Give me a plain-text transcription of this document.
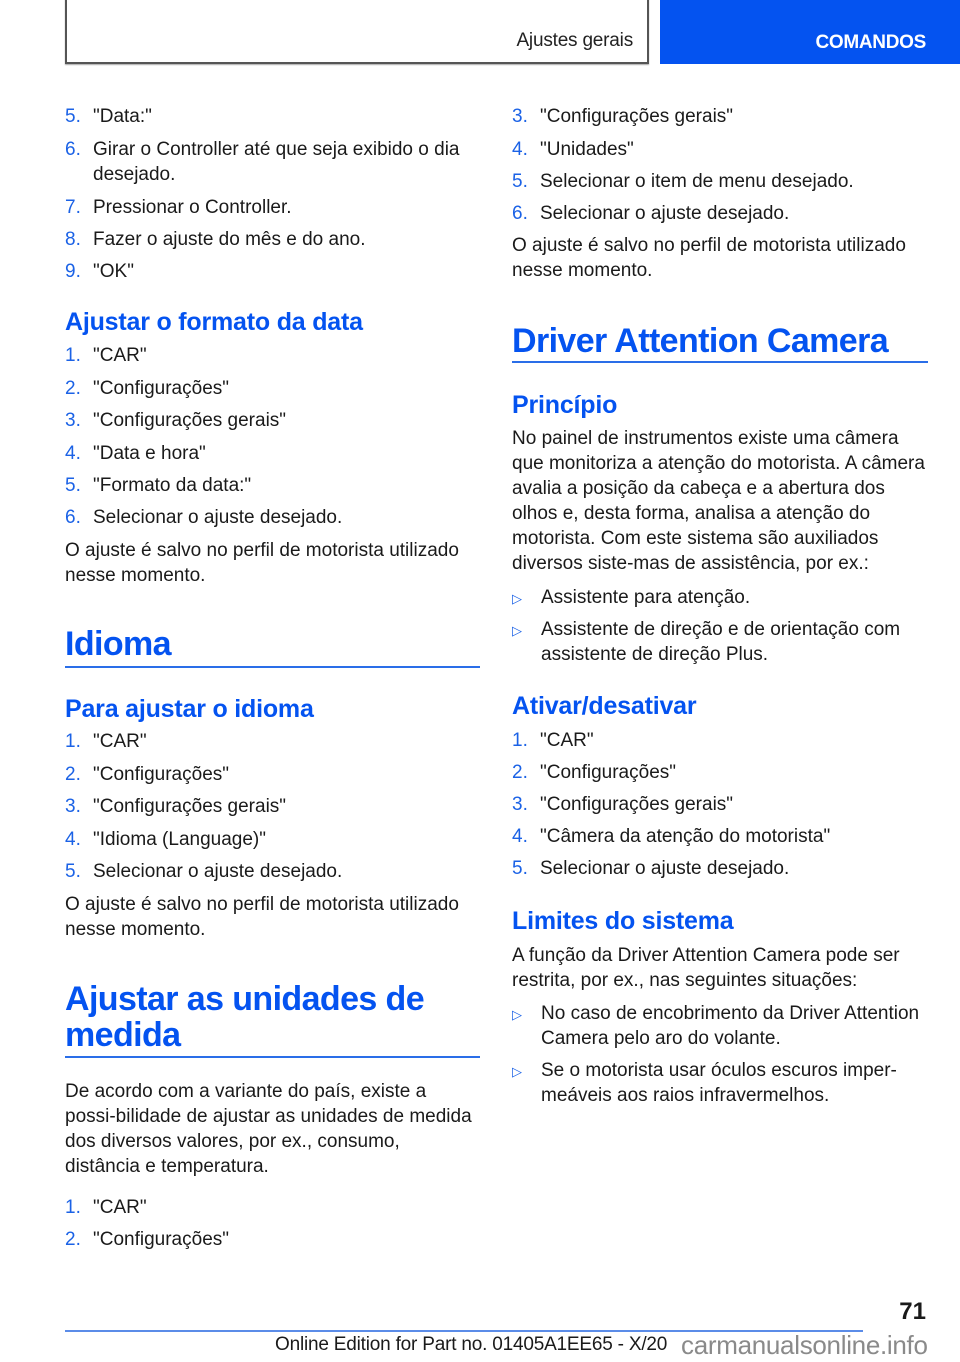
Ajustes gerais	COMANDOS
5. "Data:"
6. Girar o Controller até que seja exibido o dia desejado.
7. Pressionar o Controller.
8. Fazer o ajuste do mês e do ano.
9. "OK"
Ajustar o formato da data
1. "CAR"
2. "Configurações"
3. "Configurações gerais"
4. "Data e hora"
5. "Formato da data:"
6. Selecionar o ajuste desejado.
O ajuste é salvo no perfil de motorista utilizado nesse momento.
Idioma
Para ajustar o idioma
1. "CAR"
2. "Configurações"
3. "Configurações gerais"
4. "Idioma (Language)"
5. Selecionar o ajuste desejado.
O ajuste é salvo no perfil de motorista utilizado nesse momento.
Ajustar as unidades de medida
De acordo com a variante do país, existe a possi-bilidade de ajustar as unidades de medida dos diversos valores, por ex., consumo, distância e temperatura.
1. "CAR"
2. "Configurações"
3. "Configurações gerais"
4. "Unidades"
5. Selecionar o item de menu desejado.
6. Selecionar o ajuste desejado.
O ajuste é salvo no perfil de motorista utilizado nesse momento.
Driver Attention Camera
Princípio
No painel de instrumentos existe uma câmera que monitoriza a atenção do motorista. A câmera avalia a posição da cabeça e a abertura dos olhos e, desta forma, analisa a atenção do motorista. Com este sistema são auxiliados diversos siste-mas de assistência, por ex.:
▷	Assistente para atenção.
▷	Assistente de direção e de orientação com assistente de direção Plus.
Ativar/desativar
1. "CAR"
2. "Configurações"
3. "Configurações gerais"
4. "Câmera da atenção do motorista"
5. Selecionar o ajuste desejado.
Limites do sistema
A função da Driver Attention Camera pode ser restrita, por ex., nas seguintes situações:
▷	No caso de encobrimento da Driver Attention Camera pelo aro do volante.
▷	Se o motorista usar óculos escuros imper-meáveis aos raios infravermelhos.
71
Online Edition for Part no. 01405A1EE65 - X/20 carmanualsonline.info
